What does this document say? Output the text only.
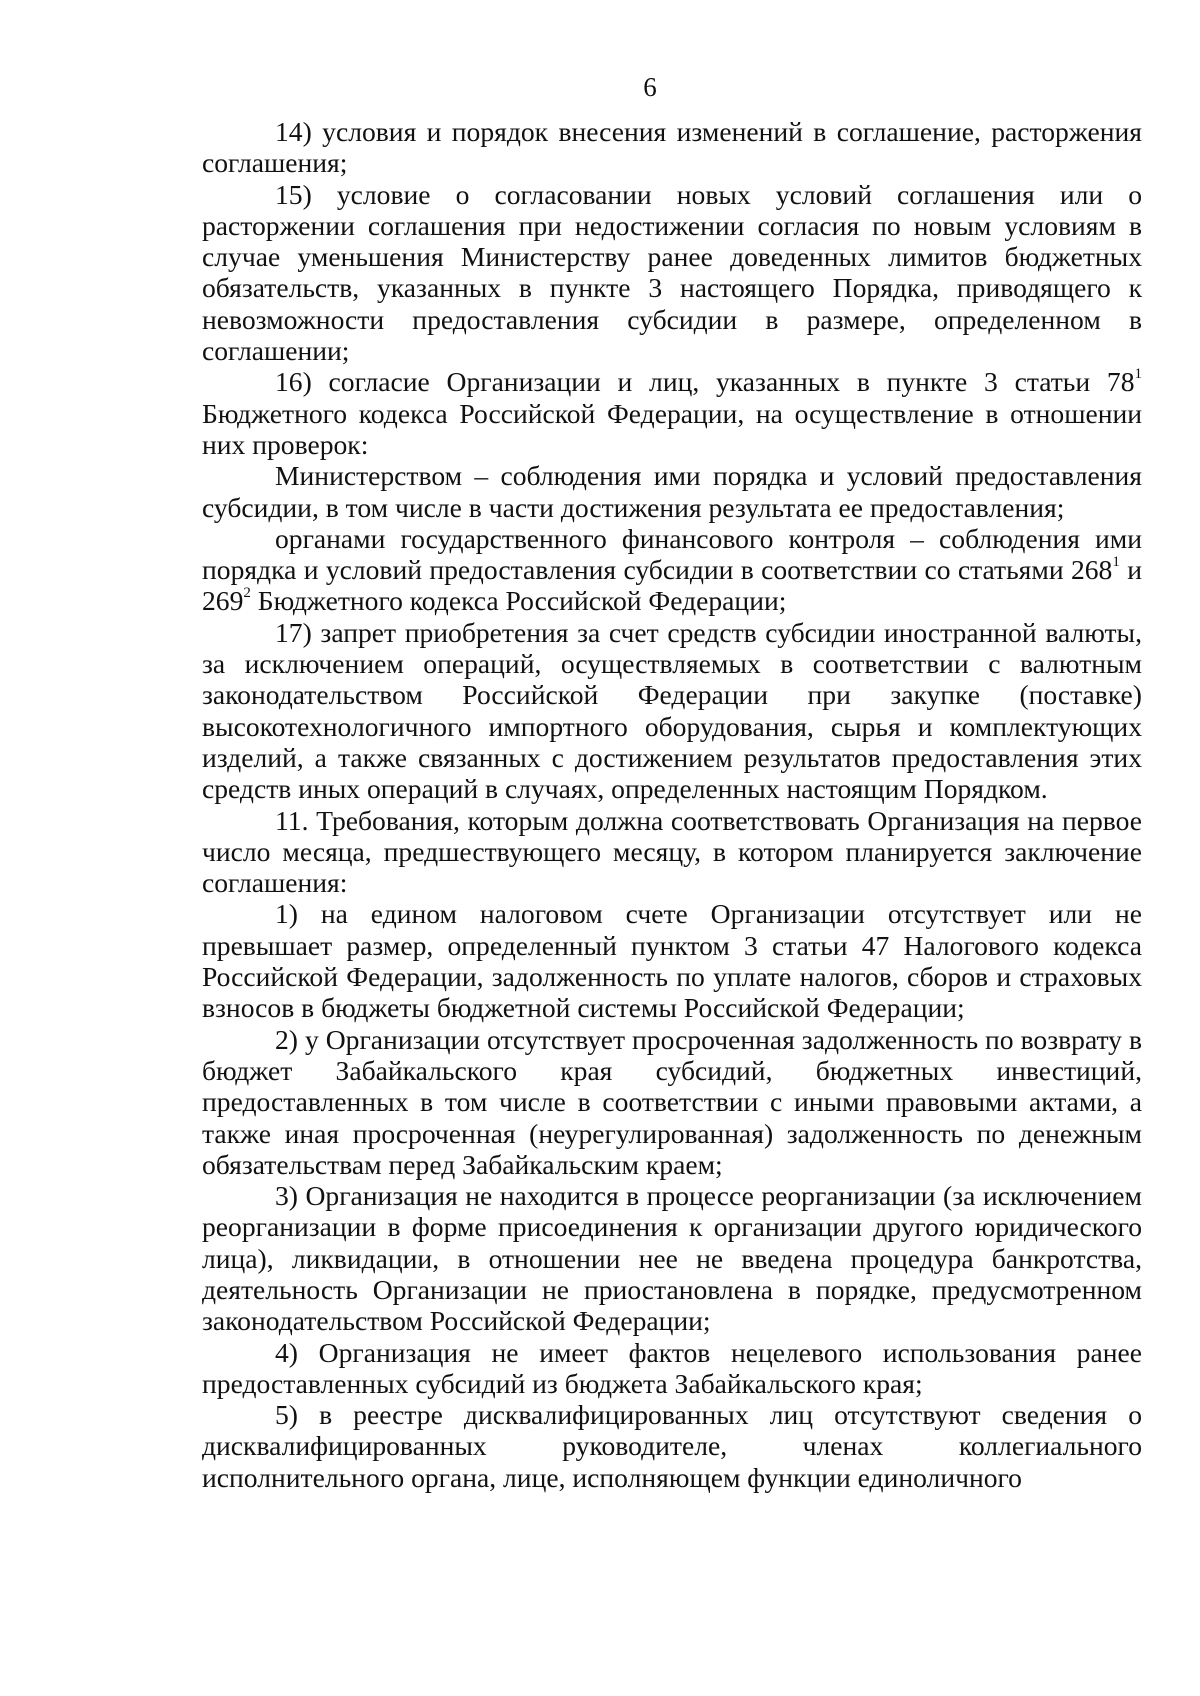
6

14) условия и порядок внесения изменений в соглашение, расторжения соглашения;

15) условие о согласовании новых условий соглашения или о расторжении соглашения при недостижении согласия по новым условиям в случае уменьшения Министерству ранее доведенных лимитов бюджетных обязательств, указанных в пункте 3 настоящего Порядка, приводящего к невозможности предоставления субсидии в размере, определенном в соглашении;

16) согласие Организации и лиц, указанных в пункте 3 статьи $78^1$ Бюджетного кодекса Российской Федерации, на осуществление в отношении них проверок:

Министерством – соблюдения ими порядка и условий предоставления субсидии, в том числе в части достижения результата ее предоставления;

органами государственного финансового контроля – соблюдения ими порядка и условий предоставления субсидии в соответствии со статьями $268^1$ и $269^2$ Бюджетного кодекса Российской Федерации;

17) запрет приобретения за счет средств субсидии иностранной валюты, за исключением операций, осуществляемых в соответствии с валютным законодательством Российской Федерации при закупке (поставке) высокотехнологичного импортного оборудования, сырья и комплектующих изделий, а также связанных с достижением результатов предоставления этих средств иных операций в случаях, определенных настоящим Порядком.

11. Требования, которым должна соответствовать Организация на первое число месяца, предшествующего месяцу, в котором планируется заключение соглашения:

1) на едином налоговом счете Организации отсутствует или не превышает размер, определенный пунктом 3 статьи 47 Налогового кодекса Российской Федерации, задолженность по уплате налогов, сборов и страховых взносов в бюджеты бюджетной системы Российской Федерации;

2) у Организации отсутствует просроченная задолженность по возврату в бюджет Забайкальского края субсидий, бюджетных инвестиций, предоставленных в том числе в соответствии с иными правовыми актами, а также иная просроченная (неурегулированная) задолженность по денежным обязательствам перед Забайкальским краем;

3) Организация не находится в процессе реорганизации (за исключением реорганизации в форме присоединения к организации другого юридического лица), ликвидации, в отношении нее не введена процедура банкротства, деятельность Организации не приостановлена в порядке, предусмотренном законодательством Российской Федерации;

4) Организация не имеет фактов нецелевого использования ранее предоставленных субсидий из бюджета Забайкальского края;

5) в реестре дисквалифицированных лиц отсутствуют сведения о дисквалифицированных руководителе, членах коллегиального исполнительного органа, лице, исполняющем функции единоличного
